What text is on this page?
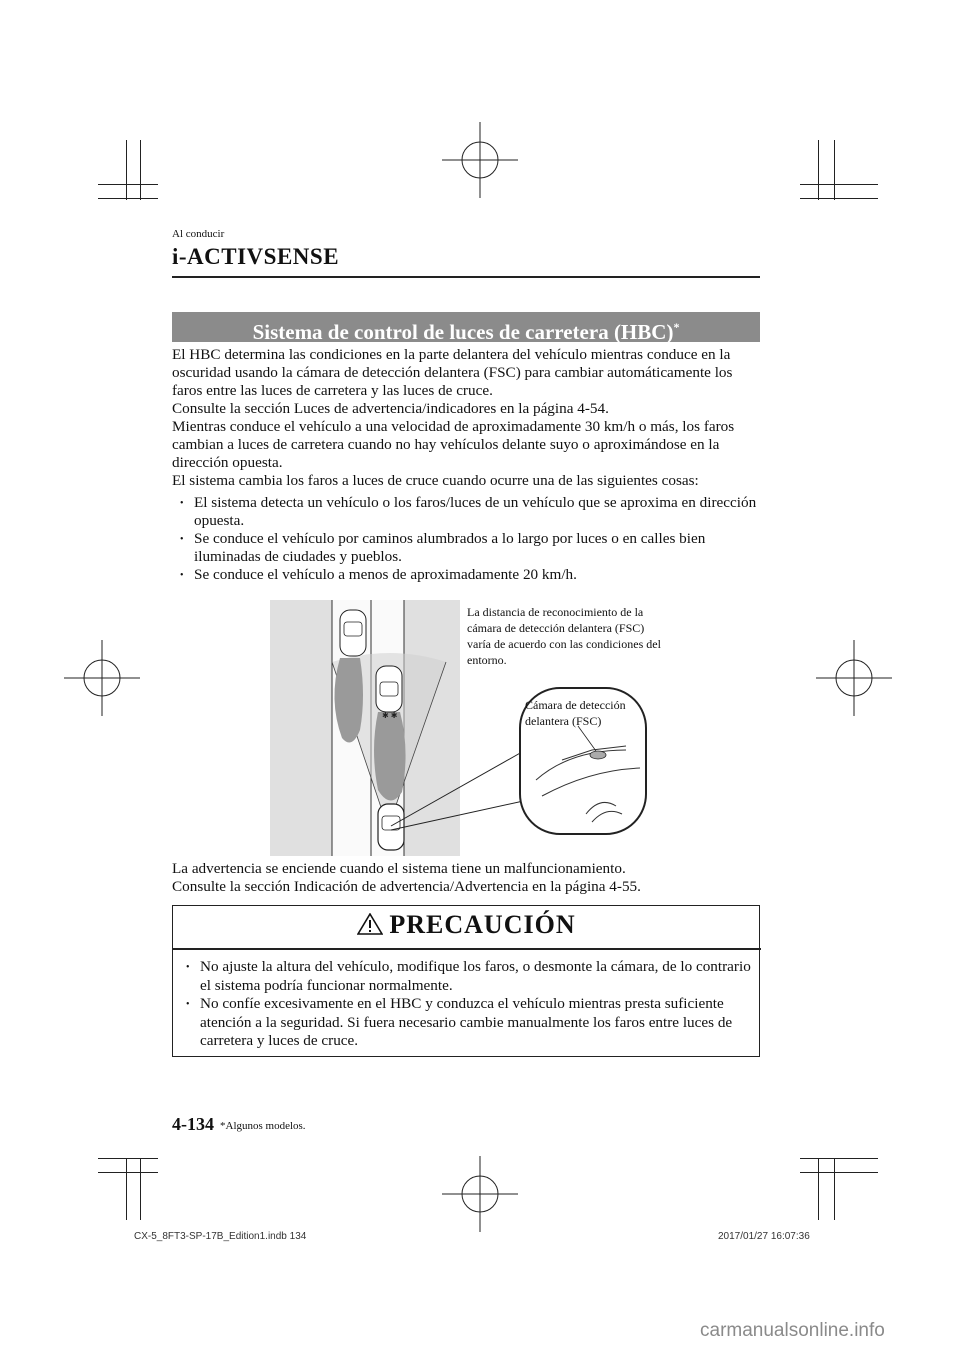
Al conducir
i-ACTIVSENSE
Sistema de control de luces de carretera (HBC)*
El HBC determina las condiciones en la parte delantera del vehículo mientras conduce en la oscuridad usando la cámara de detección delantera (FSC) para cambiar automáticamente los faros entre las luces de carretera y las luces de cruce.
Consulte la sección Luces de advertencia/indicadores en la página 4-54.
Mientras conduce el vehículo a una velocidad de aproximadamente 30 km/h o más, los faros cambian a luces de carretera cuando no hay vehículos delante suyo o aproximándose en la dirección opuesta.
El sistema cambia los faros a luces de cruce cuando ocurre una de las siguientes cosas:
• El sistema detecta un vehículo o los faros/luces de un vehículo que se aproxima en dirección opuesta.
• Se conduce el vehículo por caminos alumbrados a lo largo por luces o en calles bien iluminadas de ciudades y pueblos.
• Se conduce el vehículo a menos de aproximadamente 20 km/h.
✱ ✱
La distancia de reconocimiento de la cámara de detección delantera (FSC) varía de acuerdo con las condiciones del entorno.
Cámara de detección delantera (FSC)
La advertencia se enciende cuando el sistema tiene un malfuncionamiento.
Consulte la sección Indicación de advertencia/Advertencia en la página 4-55.
PRECAUCIÓN
• No ajuste la altura del vehículo, modifique los faros, o desmonte la cámara, de lo contrario el sistema podría funcionar normalmente.
• No confíe excesivamente en el HBC y conduzca el vehículo mientras presta suficiente atención a la seguridad. Si fuera necesario cambie manualmente los faros entre luces de carretera y luces de cruce.
4-134 *Algunos modelos.
CX-5_8FT3-SP-17B_Edition1.indb 134	2017/01/27 16:07:36
carmanualsonline.info
